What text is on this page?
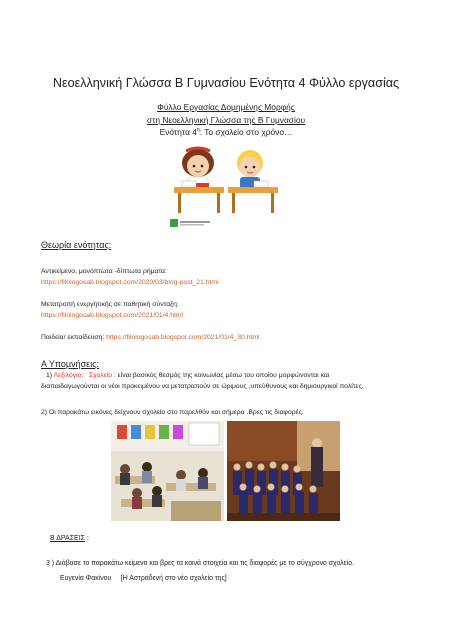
Νεοελληνική Γλώσσα Β Γυμνασίου Ενότητα 4 Φύλλο εργασίας
Φύλλο Εργασίας Δομημένης Μορφής
στη Νεοελληνική Γλώσσα της Β Γυμνασίου
Ενότητα $4^\eta$: Το σχολείο στο χρόνο…
Θεωρία ενότητας:
Αντικείμενο, μονόπτωτα -δίπτωτα ρήματα:
https://filologosab.blogspot.com/2020/03/blog-post_21.html
Μετατροπή ενεργητικής σε παθητική σύνταξη:
https://filologosab.blogspot.com/2021/01/4.html
Παιδεία/ εκπαίδευση: https://filologosab.blogspot.com/2021/01/4_30.html
Α Υπομνήσεις:
1) Λεξιλόγιο: Σχολείο : είναι βασικός θεσμός της κοινωνίας μέσω του οποίου μορφώνονται και
διαπαιδαγωγούνται οι νέοι προκειμένου να μετατραπούν σε ώριμους ,υπεύθυνους και δημιουργικοί πολίτες.
2) Οι παρακάτω εικόνες δείχνουν σχολείο στο παρελθόν και σήμερα .Βρες τις διαφορές.
Β ΔΡΑΣΕΙΣ :
3 ) Διάβασε το παρακάτω κείμενο και βρες τα κοινά στοιχεία και τις διαφορές με το σύγχρονο σχολείο.
Ευγενία Φακίνου [Η Αστραδενή στο νέο σχολείο της]
